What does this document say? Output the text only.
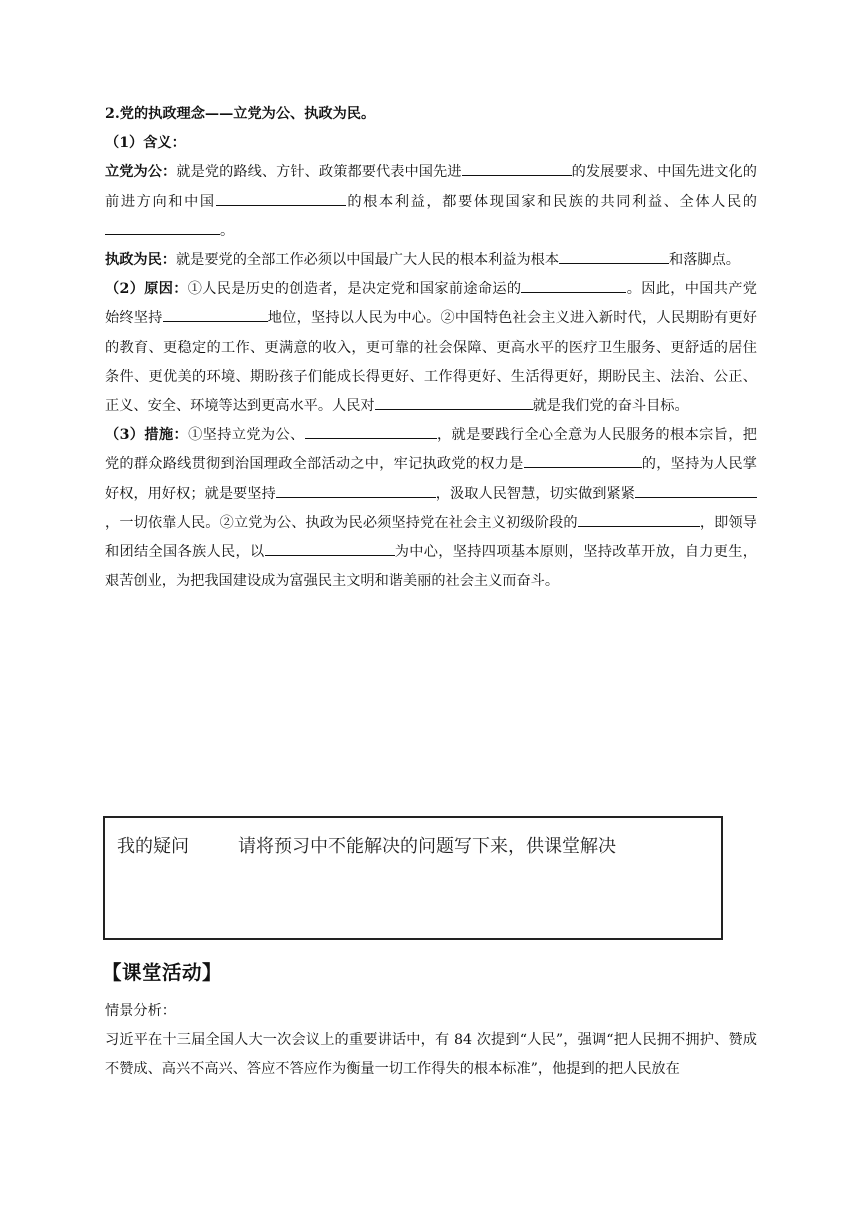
2.党的执政理念——立党为公、执政为民。

（1）含义：

立党为公：就是党的路线、方针、政策都要代表中国先进	的发展要求、中国先进文化的前进方向和中国	的根本利益，都要体现国家和民族的共同利益、全体人民的。

执政为民：就是要党的全部工作必须以中国最广大人民的根本利益为根本	和落脚点。

（2）原因：①人民是历史的创造者，是决定党和国家前途命运的	。因此，中国共产党始终坚持	地位，坚持以人民为中心。②中国特色社会主义进入新时代，人民期盼有更好的教育、更稳定的工作、更满意的收入，更可靠的社会保障、更高水平的医疗卫生服务、更舒适的居住条件、更优美的环境、期盼孩子们能成长得更好、工作得更好、生活得更好，期盼民主、法治、公正、正义、安全、环境等达到更高水平。人民对	就是我们党的奋斗目标。

（3）措施：①坚持立党为公、	，就是要践行全心全意为人民服务的根本宗旨，把党的群众路线贯彻到治国理政全部活动之中，牢记执政党的权力是	的，坚持为人民掌好权，用好权；就是要坚持	，汲取人民智慧，切实做到紧紧，一切依靠人民。②立党为公、执政为民必须坚持党在社会主义初级阶段的	，即领导和团结全国各族人民，以	为中心，坚持四项基本原则，坚持改革开放，自力更生，艰苦创业，为把我国建设成为富强民主文明和谐美丽的社会主义而奋斗。

我的疑问	请将预习中不能解决的问题写下来，供课堂解决
【课堂活动】

情景分析：

习近平在十三届全国人大一次会议上的重要讲话中，有 84 次提到“人民”，强调“把人民拥不拥护、赞成不赞成、高兴不高兴、答应不答应作为衡量一切工作得失的根本标准”，他提到的把人民放在
